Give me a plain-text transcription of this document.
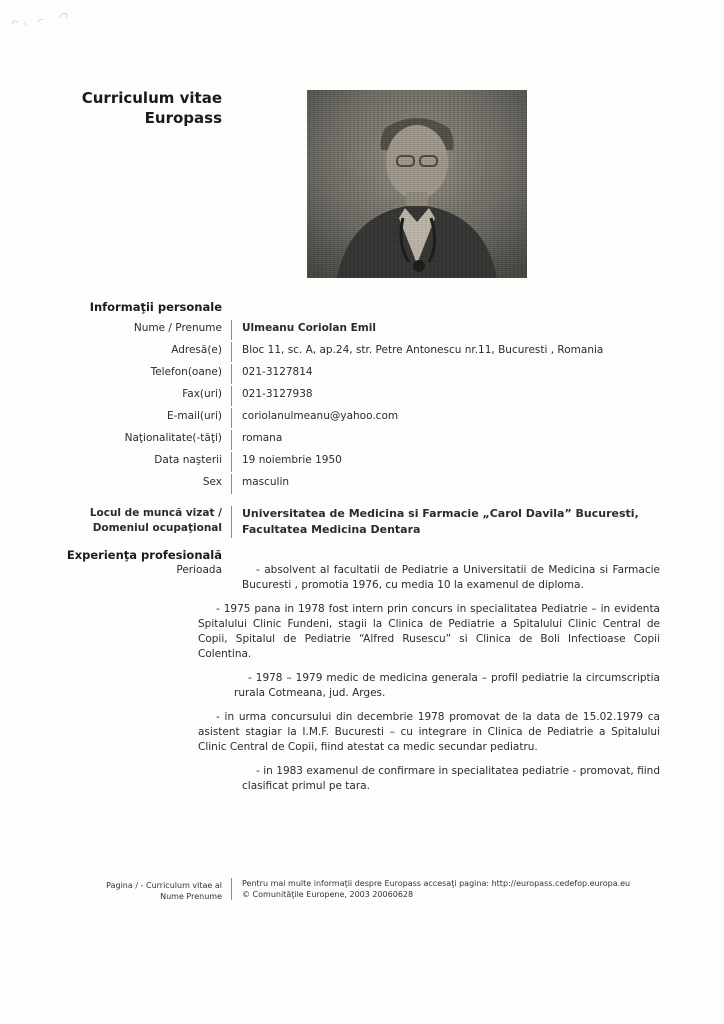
Curriculum vitae
Europass
Informaţii personale
Nume / Prenume	Ulmeanu Coriolan Emil
Adresă(e)	Bloc 11, sc. A, ap.24, str. Petre Antonescu nr.11, Bucuresti , Romania
Telefon(oane)	021-3127814
Fax(uri)	021-3127938
E-mail(uri)	coriolanulmeanu@yahoo.com
Naţionalitate(-tăţi)	romana
Data naşterii	19 noiembrie 1950
Sex	masculin
Locul de muncă vizat /
Domeniul ocupaţional
Universitatea de Medicina si Farmacie „Carol Davila” Bucuresti, Facultatea Medicina Dentara
Experienţa profesională
Perioada	- absolvent al facultatii de Pediatrie a Universitatii de Medicina si Farmacie Bucuresti , promotia 1976, cu media 10 la examenul de diploma.

- 1975 pana in 1978 fost intern prin concurs in specialitatea Pediatrie – in evidenta Spitalului Clinic Fundeni, stagii la Clinica de Pediatrie a Spitalului Clinic Central de Copii, Spitalul de Pediatrie “Alfred Rusescu” si Clinica de Boli Infectioase Copii Colentina.

- 1978 – 1979 medic de medicina generala – profil pediatrie la circumscriptia rurala Cotmeana, jud. Arges.

- in urma concursului din decembrie 1978 promovat de la data de 15.02.1979 ca asistent stagiar la I.M.F. Bucuresti – cu integrare in Clinica de Pediatrie a Spitalului Clinic Central de Copii, fiind atestat ca medic secundar pediatru.

- in 1983 examenul de confirmare in specialitatea pediatrie - promovat, fiind clasificat primul pe tara.

Pagina / - Curriculum vitae al
Nume Prenume
Pentru mai multe informaţii despre Europass accesaţi pagina: http://europass.cedefop.europa.eu
© Comunităţile Europene, 2003 20060628
